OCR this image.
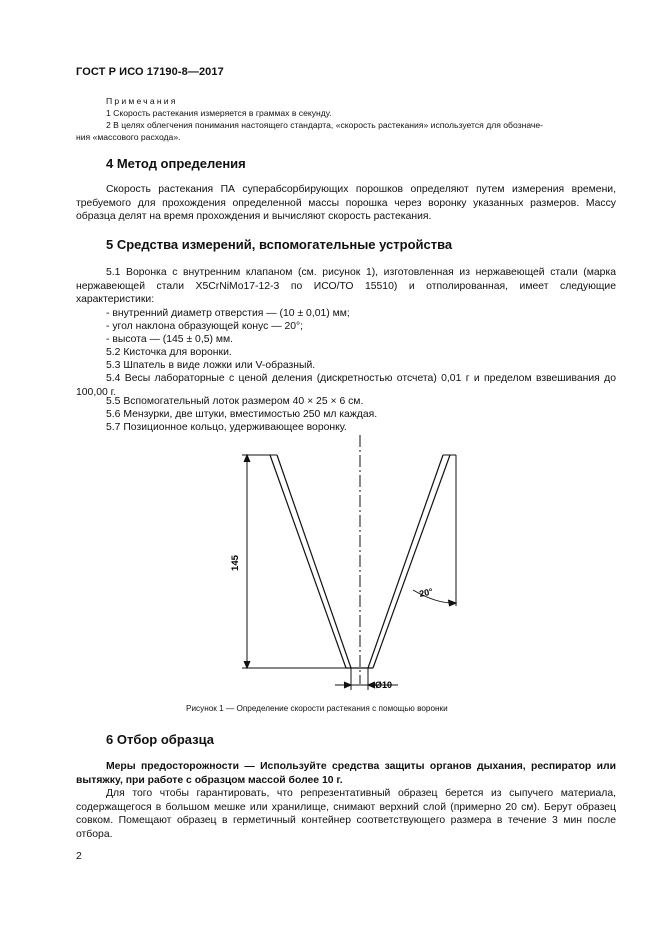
ГОСТ Р ИСО 17190-8—2017
Примечания
1 Скорость растекания измеряется в граммах в секунду.
2 В целях облегчения понимания настоящего стандарта, «скорость растекания» используется для обозначе-
ния «массового расхода».
4 Метод определения
Скорость растекания ПА суперабсорбирующих порошков определяют путем измерения времени, требуемого для прохождения определенной массы порошка через воронку указанных размеров. Массу образца делят на время прохождения и вычисляют скорость растекания.
5 Средства измерений, вспомогательные устройства
5.1 Воронка с внутренним клапаном (см. рисунок 1), изготовленная из нержавеющей стали (марка нержавеющей стали X5CrNiMo17-12-3 по ИСО/ТО 15510) и отполированная, имеет следующие характеристики:
- внутренний диаметр отверстия — (10 ± 0,01) мм;
- угол наклона образующей конус — 20°;
- высота — (145 ± 0,5) мм.
5.2 Кисточка для воронки.
5.3 Шпатель в виде ложки или V-образный.
5.4 Весы лабораторные с ценой деления (дискретностью отсчета) 0,01 г и пределом взвешивания до 100,00 г.
5.5 Вспомогательный лоток размером 40 × 25 × 6 см.
5.6 Мензурки, две штуки, вместимостью 250 мл каждая.
5.7 Позиционное кольцо, удерживающее воронку.
145
20°
Ø10
Рисунок 1 — Определение скорости растекания с помощью воронки
6 Отбор образца
Меры предосторожности — Используйте средства защиты органов дыхания, респиратор или вытяжку, при работе с образцом массой более 10 г.
Для того чтобы гарантировать, что репрезентативный образец берется из сыпучего материала, содержащегося в большом мешке или хранилище, снимают верхний слой (примерно 20 см). Берут образец совком. Помещают образец в герметичный контейнер соответствующего размера в течение 3 мин после отбора.
2
